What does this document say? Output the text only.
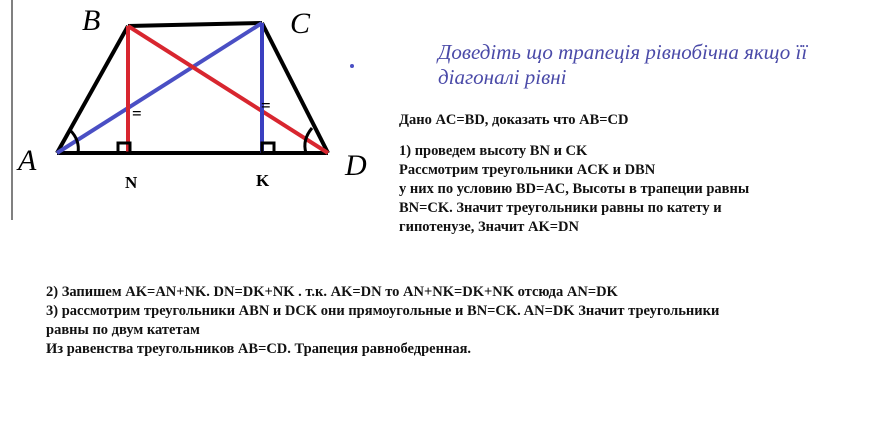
=	=
A
B	C
D
N	K
Доведіть що трапеція рівнобічна якщо її
діагоналі рівні
Дано AC=BD, доказать что AB=CD
1) проведем высоту BN и CK
Рассмотрим треугольники ACK и DBN
у них по условию BD=AC, Высоты в трапеции равны
BN=CK. Значит треугольники равны по катету и
гипотенузе, Значит AK=DN
2) Запишем AK=AN+NK. DN=DK+NK . т.к. AK=DN то AN+NK=DK+NK отсюда AN=DK
3) рассмотрим треугольники ABN и DCK они прямоугольные и BN=CK. AN=DK Значит треугольники
равны по двум катетам
Из равенства треугольников AB=CD. Трапеция равнобедренная.
